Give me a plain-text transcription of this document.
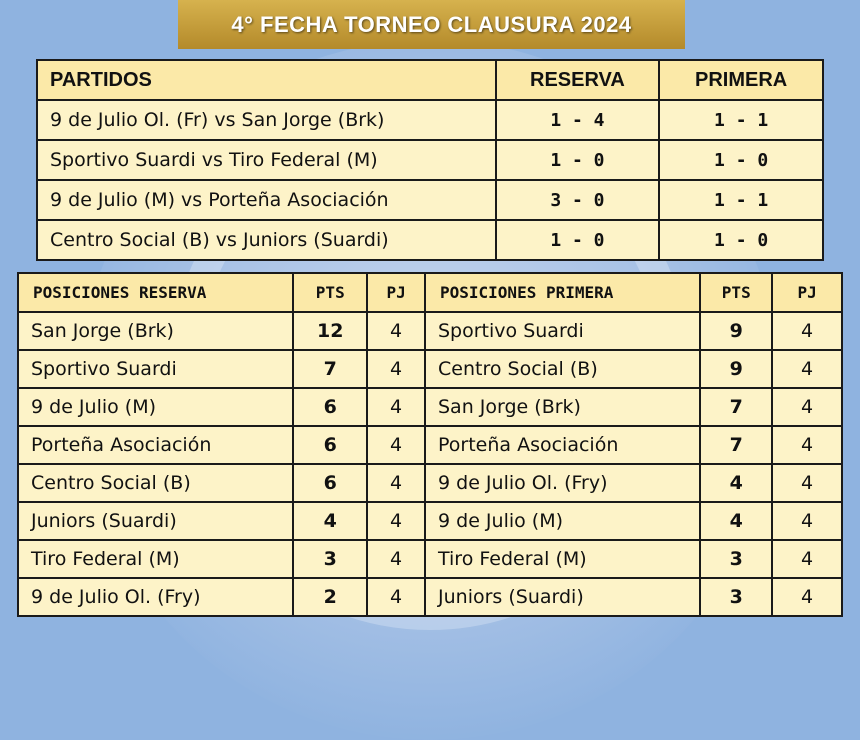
4° FECHA TORNEO CLAUSURA 2024
PARTIDOS	RESERVA	PRIMERA
9 de Julio Ol. (Fr) vs San Jorge (Brk)	1 - 4	1 - 1
Sportivo Suardi vs Tiro Federal (M)	1 - 0	1 - 0
9 de Julio (M) vs Porteña Asociación	3 - 0	1 - 1
Centro Social (B) vs Juniors (Suardi)	1 - 0	1 - 0
POSICIONES RESERVA	PTS	PJ	POSICIONES PRIMERA	PTS	PJ
San Jorge (Brk)	12	4	Sportivo Suardi	9	4
Sportivo Suardi	7	4	Centro Social (B)	9	4
9 de Julio (M)	6	4	San Jorge (Brk)	7	4
Porteña Asociación	6	4	Porteña Asociación	7	4
Centro Social (B)	6	4	9 de Julio Ol. (Fry)	4	4
Juniors (Suardi)	4	4	9 de Julio (M)	4	4
Tiro Federal (M)	3	4	Tiro Federal (M)	3	4
9 de Julio Ol. (Fry)	2	4	Juniors (Suardi)	3	4
